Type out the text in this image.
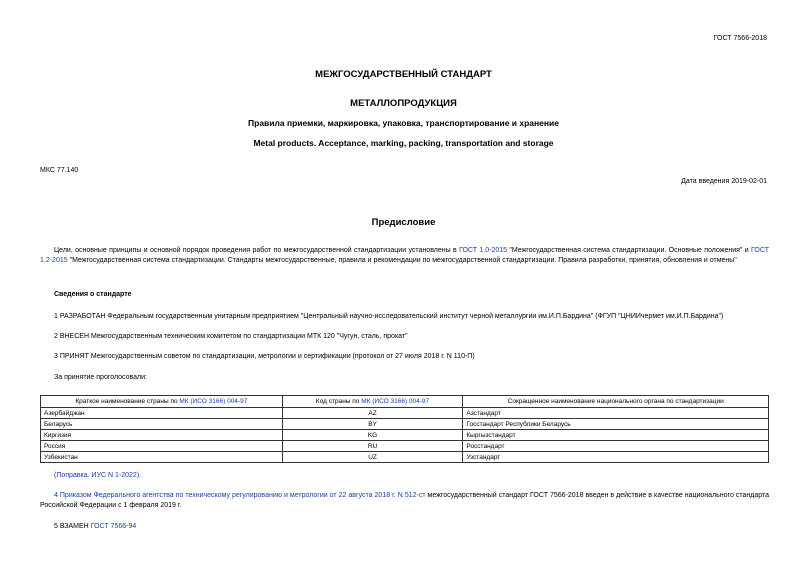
ГОСТ 7566-2018
МЕЖГОСУДАРСТВЕННЫЙ СТАНДАРТ
МЕТАЛЛОПРОДУКЦИЯ
Правила приемки, маркировка, упаковка, транспортирование и хранение
Metal products. Acceptance, marking, packing, transportation and storage
МКС 77.140
Дата введения 2019-02-01
Предисловие
Цели, основные принципы и основной порядок проведения работ по межгосударственной стандартизации установлены в ГОСТ 1.0-2015 "Межгосударственная система стандартизации. Основные положения" и ГОСТ 1.2-2015 "Межгосударственная система стандартизации. Стандарты межгосударственные, правила и рекомендации по межгосударственной стандартизации. Правила разработки, принятия, обновления и отмены"
Сведения о стандарте
1 РАЗРАБОТАН Федеральным государственным унитарным предприятием "Центральный научно-исследовательский институт черной металлургии им.И.П.Бардина" (ФГУП "ЦНИИчермет им.И.П.Бардина")
2 ВНЕСЕН Межгосударственным техническим комитетом по стандартизации МТК 120 "Чугун, сталь, прокат"
3 ПРИНЯТ Межгосударственным советом по стандартизации, метрологии и сертификации (протокол от 27 июля 2018 г. N 110-П)
За принятие проголосовали:
Краткое наименование страны по МК (ИСО 3166) 004-97	Код страны по МК (ИСО 3166) 004-97	Сокращенное наименование национального органа по стандартизации
Азербайджан	AZ	Азстандарт
Беларусь	BY	Госстандарт Республики Беларусь
Киргизия	KG	Кыргызстандарт
Россия	RU	Росстандарт
Узбекистан	UZ	Узстандарт
(Поправка. ИУС N 1-2022).
4 Приказом Федерального агентства по техническому регулированию и метрологии от 22 августа 2018 г. N 512-ст межгосударственный стандарт ГОСТ 7566-2018 введен в действие в качестве национального стандарта Российской Федерации с 1 февраля 2019 г.
5 ВЗАМЕН ГОСТ 7566-94
